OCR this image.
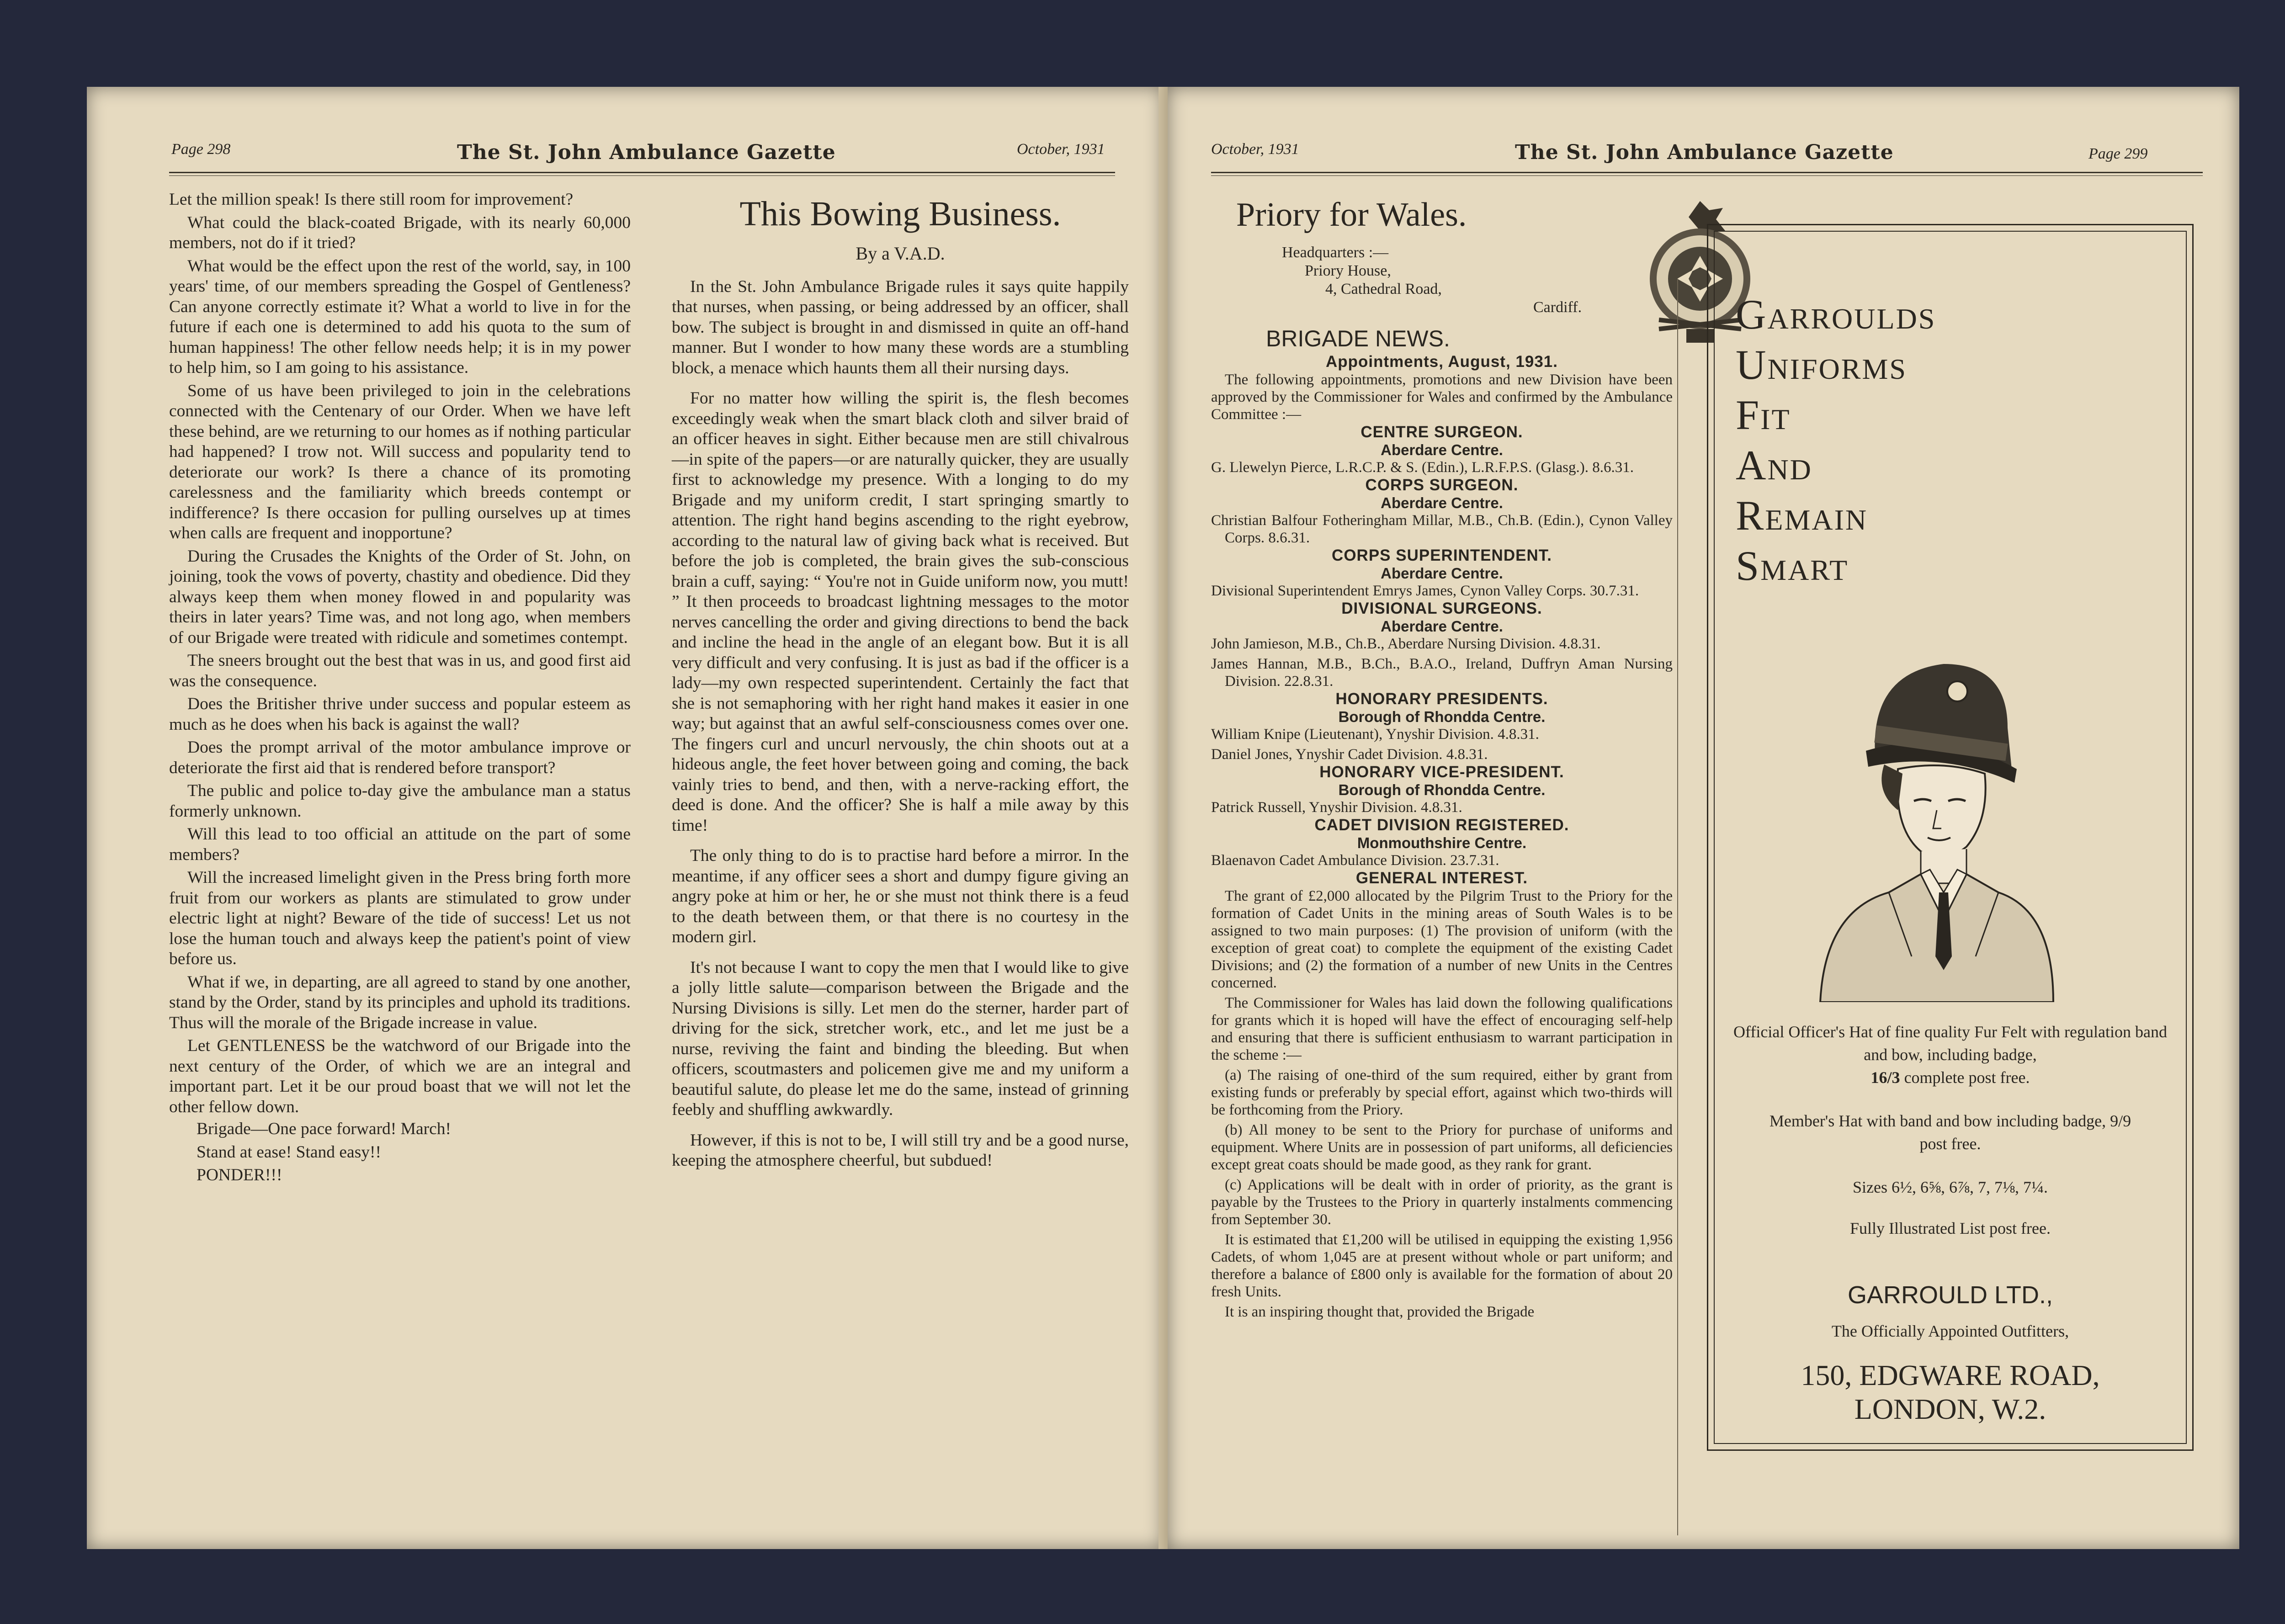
Page 298	The St. John Ambulance Gazette	October, 1931

Let the million speak! Is there still room for improvement?

What could the black-coated Brigade, with its nearly 60,000 members, not do if it tried?

What would be the effect upon the rest of the world, say, in 100 years' time, of our members spreading the Gospel of Gentleness? Can anyone correctly estimate it? What a world to live in for the future if each one is determined to add his quota to the sum of human happiness! The other fellow needs help; it is in my power to help him, so I am going to his assistance.

Some of us have been privileged to join in the celebrations connected with the Centenary of our Order. When we have left these behind, are we returning to our homes as if nothing particular had happened? I trow not. Will success and popularity tend to deteriorate our work? Is there a chance of its promoting carelessness and the familiarity which breeds contempt or indifference? Is there occasion for pulling ourselves up at times when calls are frequent and inopportune?

During the Crusades the Knights of the Order of St. John, on joining, took the vows of poverty, chastity and obedience. Did they always keep them when money flowed in and popularity was theirs in later years? Time was, and not long ago, when members of our Brigade were treated with ridicule and sometimes contempt.

The sneers brought out the best that was in us, and good first aid was the consequence.

Does the Britisher thrive under success and popular esteem as much as he does when his back is against the wall?

Does the prompt arrival of the motor ambulance improve or deteriorate the first aid that is rendered before transport?

The public and police to-day give the ambulance man a status formerly unknown.

Will this lead to too official an attitude on the part of some members?

Will the increased limelight given in the Press bring forth more fruit from our workers as plants are stimulated to grow under electric light at night? Beware of the tide of success! Let us not lose the human touch and always keep the patient's point of view before us.

What if we, in departing, are all agreed to stand by one another, stand by the Order, stand by its principles and uphold its traditions. Thus will the morale of the Brigade increase in value.

Let GENTLENESS be the watchword of our Brigade into the next century of the Order, of which we are an integral and important part. Let it be our proud boast that we will not let the other fellow down.

Brigade—One pace forward! March!

Stand at ease! Stand easy!!

PONDER!!!

This Bowing Business.
By a V.A.D.

In the St. John Ambulance Brigade rules it says quite happily that nurses, when passing, or being addressed by an officer, shall bow. The subject is brought in and dismissed in quite an off-hand manner. But I wonder to how many these words are a stumbling block, a menace which haunts them all their nursing days.

For no matter how willing the spirit is, the flesh becomes exceedingly weak when the smart black cloth and silver braid of an officer heaves in sight. Either because men are still chivalrous—in spite of the papers—or are naturally quicker, they are usually first to acknowledge my presence. With a longing to do my Brigade and my uniform credit, I start springing smartly to attention. The right hand begins ascending to the right eyebrow, according to the natural law of giving back what is received. But before the job is completed, the brain gives the sub-conscious brain a cuff, saying: “ You're not in Guide uniform now, you mutt! ” It then proceeds to broadcast lightning messages to the motor nerves cancelling the order and giving directions to bend the back and incline the head in the angle of an elegant bow. But it is all very difficult and very confusing. It is just as bad if the officer is a lady—my own respected superintendent. Certainly the fact that she is not semaphoring with her right hand makes it easier in one way; but against that an awful self-consciousness comes over one. The fingers curl and uncurl nervously, the chin shoots out at a hideous angle, the feet hover between going and coming, the back vainly tries to bend, and then, with a nerve-racking effort, the deed is done. And the officer? She is half a mile away by this time!

The only thing to do is to practise hard before a mirror. In the meantime, if any officer sees a short and dumpy figure giving an angry poke at him or her, he or she must not think there is a feud to the death between them, or that there is no courtesy in the modern girl.

It's not because I want to copy the men that I would like to give a jolly little salute—comparison between the Brigade and the Nursing Divisions is silly. Let men do the sterner, harder part of driving for the sick, stretcher work, etc., and let me just be a nurse, reviving the faint and binding the bleeding. But when officers, scoutmasters and policemen give me and my uniform a beautiful salute, do please let me do the same, instead of grinning feebly and shuffling awkwardly.

However, if this is not to be, I will still try and be a good nurse, keeping the atmosphere cheerful, but subdued!

October, 1931	The St. John Ambulance Gazette	Page 299
Priory for Wales.
Headquarters :—
Priory House,
4, Cathedral Road,
Cardiff.
BRIGADE NEWS.
Appointments, August, 1931.

The following appointments, promotions and new Division have been approved by the Commissioner for Wales and confirmed by the Ambulance Committee :—

CENTRE SURGEON.
Aberdare Centre.

G. Llewelyn Pierce, L.R.C.P. & S. (Edin.), L.R.F.P.S. (Glasg.). 8.6.31.

CORPS SURGEON.
Aberdare Centre.

Christian Balfour Fotheringham Millar, M.B., Ch.B. (Edin.), Cynon Valley Corps. 8.6.31.

CORPS SUPERINTENDENT.
Aberdare Centre.

Divisional Superintendent Emrys James, Cynon Valley Corps. 30.7.31.

DIVISIONAL SURGEONS.
Aberdare Centre.

John Jamieson, M.B., Ch.B., Aberdare Nursing Division. 4.8.31.

James Hannan, M.B., B.Ch., B.A.O., Ireland, Duffryn Aman Nursing Division. 22.8.31.

HONORARY PRESIDENTS.
Borough of Rhondda Centre.

William Knipe (Lieutenant), Ynyshir Division. 4.8.31.

Daniel Jones, Ynyshir Cadet Division. 4.8.31.

HONORARY VICE-PRESIDENT.
Borough of Rhondda Centre.

Patrick Russell, Ynyshir Division. 4.8.31.

CADET DIVISION REGISTERED.
Monmouthshire Centre.

Blaenavon Cadet Ambulance Division. 23.7.31.

GENERAL INTEREST.

The grant of £2,000 allocated by the Pilgrim Trust to the Priory for the formation of Cadet Units in the mining areas of South Wales is to be assigned to two main purposes: (1) The provision of uniform (with the exception of great coat) to complete the equipment of the existing Cadet Divisions; and (2) the formation of a number of new Units in the Centres concerned.

The Commissioner for Wales has laid down the following qualifications for grants which it is hoped will have the effect of encouraging self-help and ensuring that there is sufficient enthusiasm to warrant participation in the scheme :—

(a) The raising of one-third of the sum required, either by grant from existing funds or preferably by special effort, against which two-thirds will be forthcoming from the Priory.

(b) All money to be sent to the Priory for purchase of uniforms and equipment. Where Units are in possession of part uniforms, all deficiencies except great coats should be made good, as they rank for grant.

(c) Applications will be dealt with in order of priority, as the grant is payable by the Trustees to the Priory in quarterly instalments commencing from September 30.

It is estimated that £1,200 will be utilised in equipping the existing 1,956 Cadets, of whom 1,045 are at present without whole or part uniform; and therefore a balance of £800 only is available for the formation of about 20 fresh Units.

It is an inspiring thought that, provided the Brigade

Garroulds
Uniforms
Fit
And
Remain
Smart
Official Officer's Hat of fine quality Fur Felt with regulation band and bow, including badge,
16/3 complete post free.
Member's Hat with band and bow including badge, 9/9 post free.
Sizes 6½, 6⅝, 6⅞, 7, 7⅛, 7¼.
Fully Illustrated List post free.
GARROULD LTD.,
The Officially Appointed Outfitters,
150, EDGWARE ROAD,
LONDON, W.2.
